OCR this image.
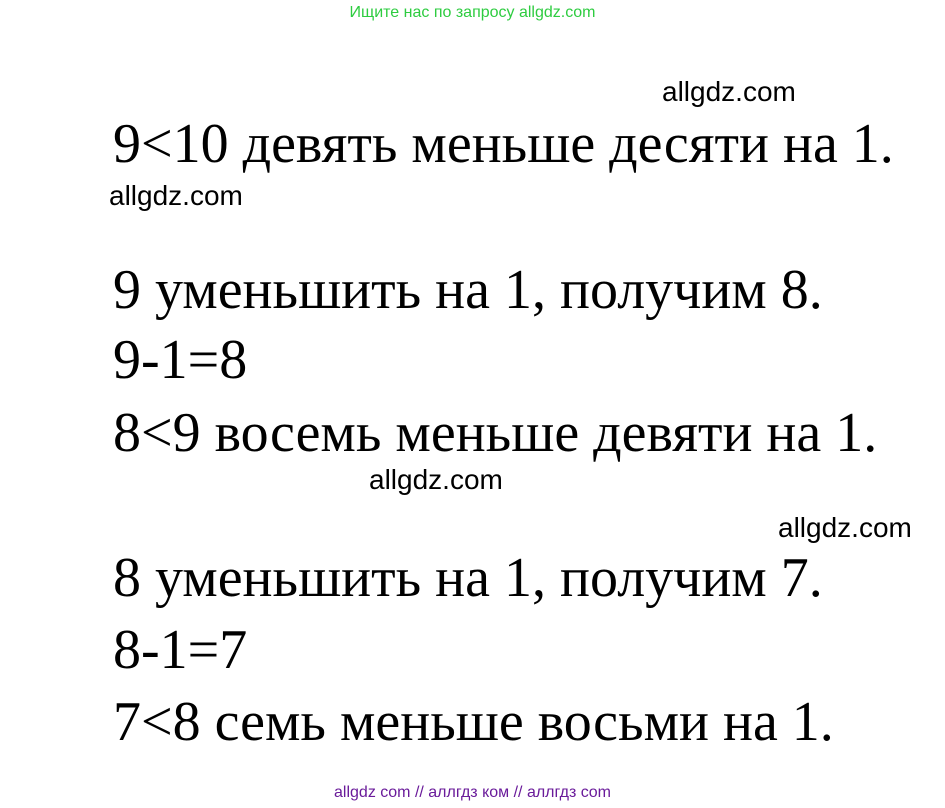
Ищите нас по запросу allgdz.com
allgdz.com
9<10 девять меньше десяти на 1.
allgdz.com
9 уменьшить на 1, получим 8.
9-1=8
8<9 восемь меньше девяти на 1.
allgdz.com
allgdz.com
8 уменьшить на 1, получим 7.
8-1=7
7<8 семь меньше восьми на 1.
allgdz com // аллгдз ком // аллгдз com
